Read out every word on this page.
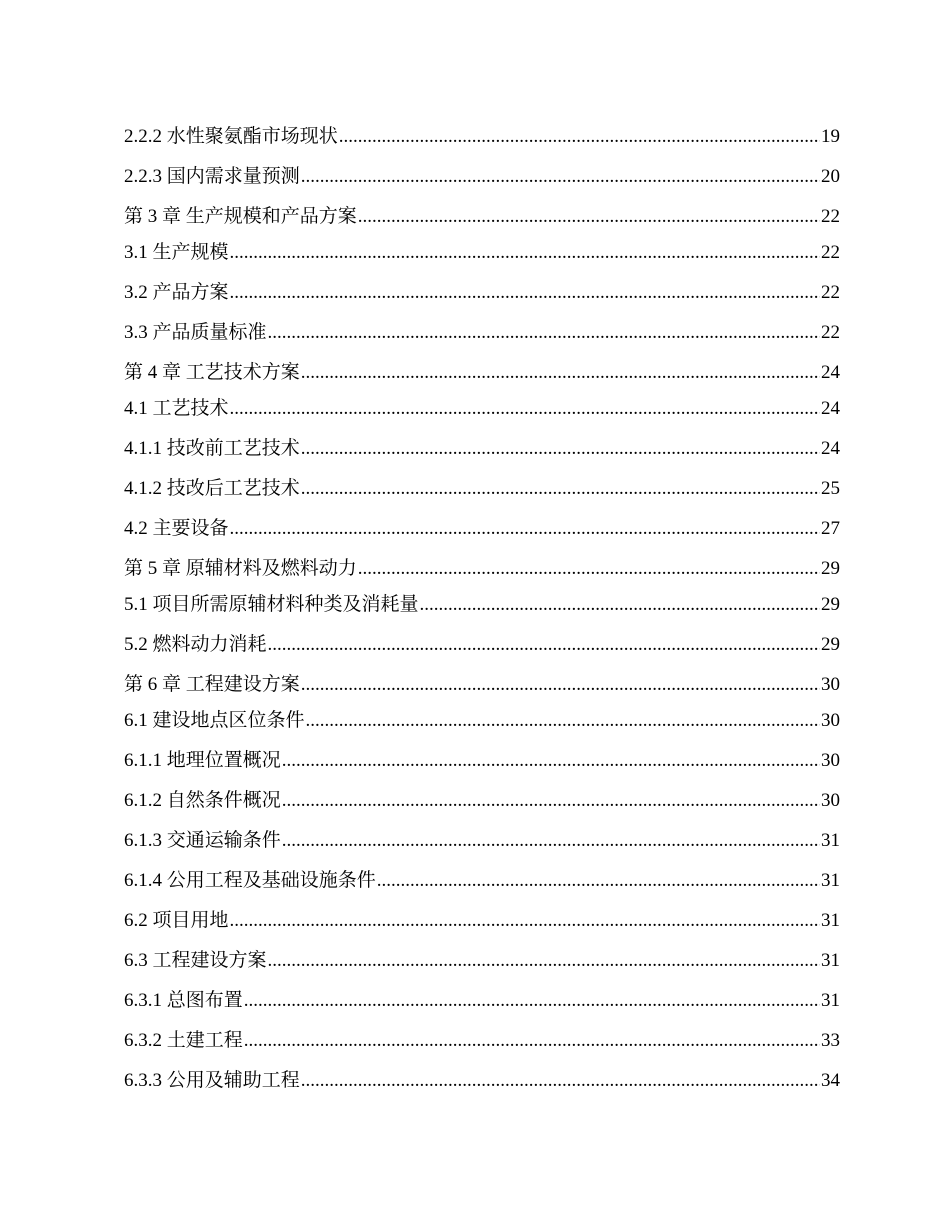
2.2.2 水性聚氨酯市场现状 .....	19
2.2.3 国内需求量预测 .....	20
第 3 章 生产规模和产品方案 .....	22
3.1 生产规模 .....	22
3.2 产品方案 .....	22
3.3 产品质量标准 .....	22
第 4 章 工艺技术方案 .....	24
4.1 工艺技术 .....	24
4.1.1 技改前工艺技术 .....	24
4.1.2 技改后工艺技术 .....	25
4.2 主要设备 .....	27
第 5 章 原辅材料及燃料动力 .....	29
5.1 项目所需原辅材料种类及消耗量 .....	29
5.2 燃料动力消耗 .....	29
第 6 章 工程建设方案 .....	30
6.1 建设地点区位条件 .....	30
6.1.1 地理位置概况 .....	30
6.1.2 自然条件概况 .....	30
6.1.3 交通运输条件 .....	31
6.1.4 公用工程及基础设施条件 .....	31
6.2 项目用地 .....	31
6.3 工程建设方案 .....	31
6.3.1 总图布置 .....	31
6.3.2 土建工程 .....	33
6.3.3 公用及辅助工程 .....	34
